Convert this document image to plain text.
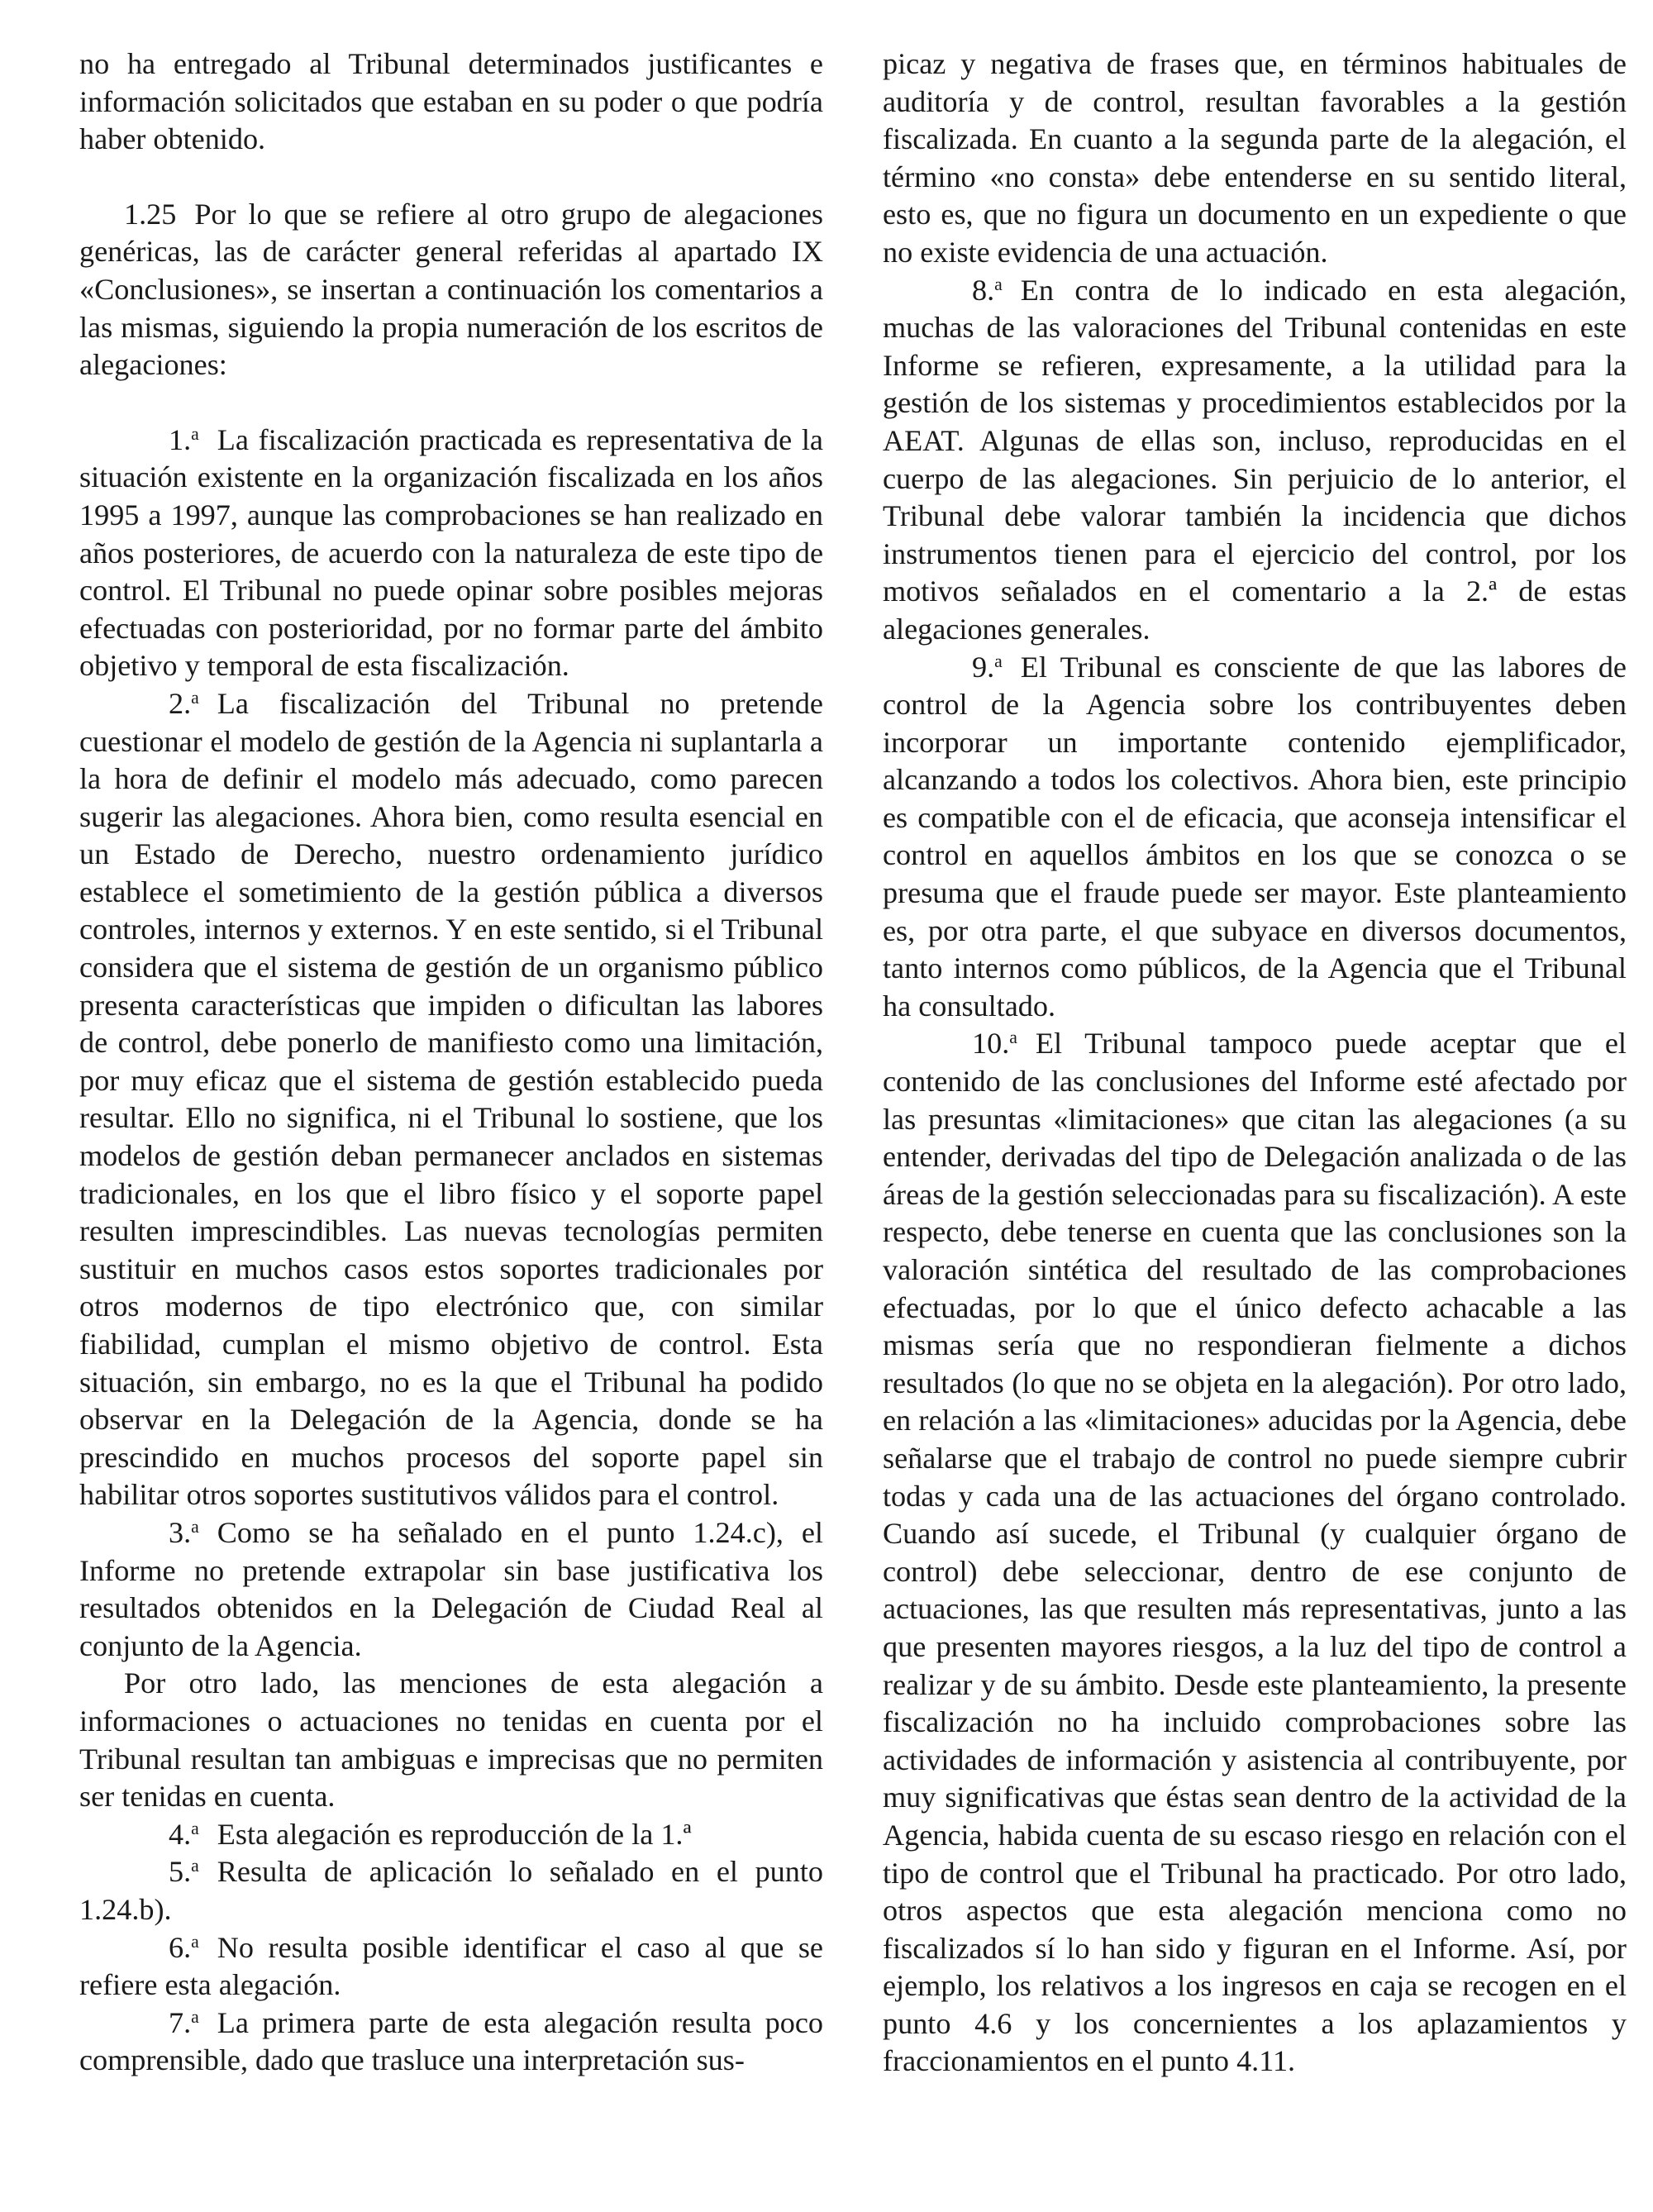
no ha entregado al Tribunal determinados justificantes e información solicitados que estaban en su poder o que podría haber obtenido.

1.25 Por lo que se refiere al otro grupo de alegaciones genéricas, las de carácter general referidas al apartado IX «Conclusiones», se insertan a continuación los comentarios a las mismas, siguiendo la propia numeración de los escritos de alegaciones:

1.$^a$ La fiscalización practicada es representativa de la situación existente en la organización fiscalizada en los años 1995 a 1997, aunque las comprobaciones se han realizado en años posteriores, de acuerdo con la naturaleza de este tipo de control. El Tribunal no puede opinar sobre posibles mejoras efectuadas con posterioridad, por no formar parte del ámbito objetivo y temporal de esta fiscalización.

2.$^a$ La fiscalización del Tribunal no pretende cuestionar el modelo de gestión de la Agencia ni suplantarla a la hora de definir el modelo más adecuado, como parecen sugerir las alegaciones. Ahora bien, como resulta esencial en un Estado de Derecho, nuestro ordenamiento jurídico establece el sometimiento de la gestión pública a diversos controles, internos y externos. Y en este sentido, si el Tribunal considera que el sistema de gestión de un organismo público presenta características que impiden o dificultan las labores de control, debe ponerlo de manifiesto como una limitación, por muy eficaz que el sistema de gestión establecido pueda resultar. Ello no significa, ni el Tribunal lo sostiene, que los modelos de gestión deban permanecer anclados en sistemas tradicionales, en los que el libro físico y el soporte papel resulten imprescindibles. Las nuevas tecnologías permiten sustituir en muchos casos estos soportes tradicionales por otros modernos de tipo electrónico que, con similar fiabilidad, cumplan el mismo objetivo de control. Esta situación, sin embargo, no es la que el Tribunal ha podido observar en la Delegación de la Agencia, donde se ha prescindido en muchos procesos del soporte papel sin habilitar otros soportes sustitutivos válidos para el control.

3.$^a$ Como se ha señalado en el punto 1.24.c), el Informe no pretende extrapolar sin base justificativa los resultados obtenidos en la Delegación de Ciudad Real al conjunto de la Agencia.

Por otro lado, las menciones de esta alegación a informaciones o actuaciones no tenidas en cuenta por el Tribunal resultan tan ambiguas e imprecisas que no permiten ser tenidas en cuenta.

4.$^a$ Esta alegación es reproducción de la 1.ª

5.$^a$ Resulta de aplicación lo señalado en el punto 1.24.b).

6.$^a$ No resulta posible identificar el caso al que se refiere esta alegación.

7.$^a$ La primera parte de esta alegación resulta poco comprensible, dado que trasluce una interpretación sus-

picaz y negativa de frases que, en términos habituales de auditoría y de control, resultan favorables a la gestión fiscalizada. En cuanto a la segunda parte de la alegación, el término «no consta» debe entenderse en su sentido literal, esto es, que no figura un documento en un expediente o que no existe evidencia de una actuación.

8.$^a$ En contra de lo indicado en esta alegación, muchas de las valoraciones del Tribunal contenidas en este Informe se refieren, expresamente, a la utilidad para la gestión de los sistemas y procedimientos establecidos por la AEAT. Algunas de ellas son, incluso, reproducidas en el cuerpo de las alegaciones. Sin perjuicio de lo anterior, el Tribunal debe valorar también la incidencia que dichos instrumentos tienen para el ejercicio del control, por los motivos señalados en el comentario a la 2.ª de estas alegaciones generales.

9.$^a$ El Tribunal es consciente de que las labores de control de la Agencia sobre los contribuyentes deben incorporar un importante contenido ejemplificador, alcanzando a todos los colectivos. Ahora bien, este principio es compatible con el de eficacia, que aconseja intensificar el control en aquellos ámbitos en los que se conozca o se presuma que el fraude puede ser mayor. Este planteamiento es, por otra parte, el que subyace en diversos documentos, tanto internos como públicos, de la Agencia que el Tribunal ha consultado.

10.$^a$ El Tribunal tampoco puede aceptar que el contenido de las conclusiones del Informe esté afectado por las presuntas «limitaciones» que citan las alegaciones (a su entender, derivadas del tipo de Delegación analizada o de las áreas de la gestión seleccionadas para su fiscalización). A este respecto, debe tenerse en cuenta que las conclusiones son la valoración sintética del resultado de las comprobaciones efectuadas, por lo que el único defecto achacable a las mismas sería que no respondieran fielmente a dichos resultados (lo que no se objeta en la alegación). Por otro lado, en relación a las «limitaciones» aducidas por la Agencia, debe señalarse que el trabajo de control no puede siempre cubrir todas y cada una de las actuaciones del órgano controlado. Cuando así sucede, el Tribunal (y cualquier órgano de control) debe seleccionar, dentro de ese conjunto de actuaciones, las que resulten más representativas, junto a las que presenten mayores riesgos, a la luz del tipo de control a realizar y de su ámbito. Desde este planteamiento, la presente fiscalización no ha incluido comprobaciones sobre las actividades de información y asistencia al contribuyente, por muy significativas que éstas sean dentro de la actividad de la Agencia, habida cuenta de su escaso riesgo en relación con el tipo de control que el Tribunal ha practicado. Por otro lado, otros aspectos que esta alegación menciona como no fiscalizados sí lo han sido y figuran en el Informe. Así, por ejemplo, los relativos a los ingresos en caja se recogen en el punto 4.6 y los concernientes a los aplazamientos y fraccionamientos en el punto 4.11.
